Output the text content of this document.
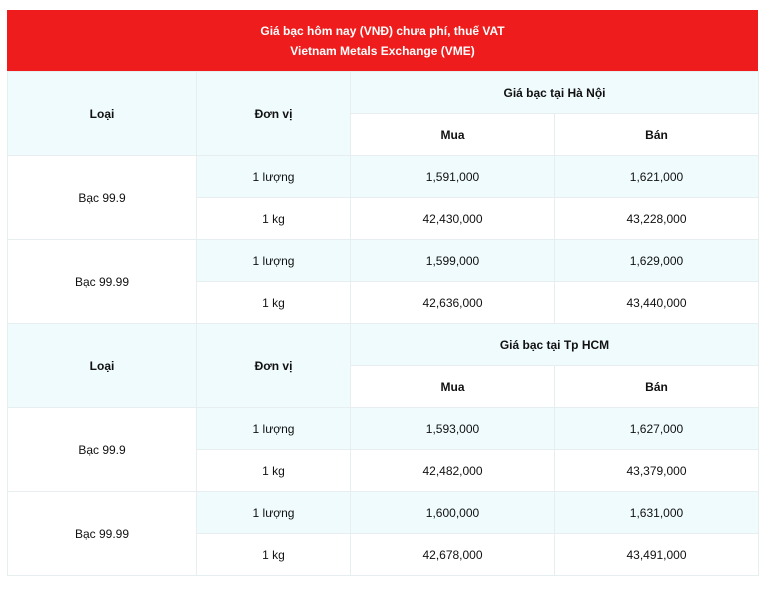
Giá bạc hôm nay (VNĐ) chưa phí, thuế VAT
Vietnam Metals Exchange (VME)
Loại	Đơn vị	Giá bạc tại Hà Nội	
		Mua	Bán
Bạc 99.9	1 lượng	1,591,000	1,621,000
	1 kg	42,430,000	43,228,000
Bạc 99.99	1 lượng	1,599,000	1,629,000
	1 kg	42,636,000	43,440,000
Loại	Đơn vị	Giá bạc tại Tp HCM	
		Mua	Bán
Bạc 99.9	1 lượng	1,593,000	1,627,000
	1 kg	42,482,000	43,379,000
Bạc 99.99	1 lượng	1,600,000	1,631,000
	1 kg	42,678,000	43,491,000
